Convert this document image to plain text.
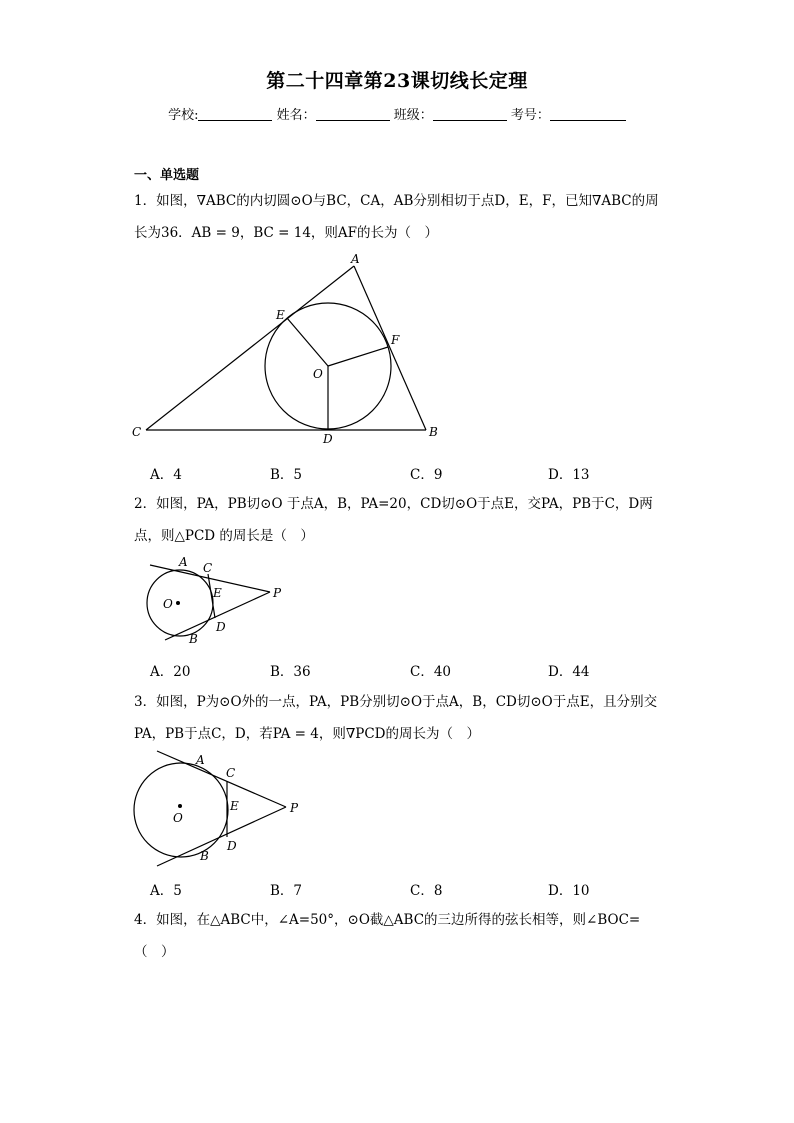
第二十四章第23课切线长定理
学校:	姓名：	班级：	考号：
一、单选题
1．如图，∇ABC的内切圆⊙O与BC，CA，AB分别相切于点D，E，F，已知∇ABC的周长为36．AB = 9，BC = 14，则AF的长为（　）
A
B
C	D
E
F
O
A．4	B．5	C．9	D．13
2．如图，PA，PB切⊙O 于点A，B，PA=20，CD切⊙O于点E，交PA，PB于C，D两点，则△PCD 的周长是（　）
A C
O
E	P
D
B
A．20	B．36	C．40	D．44
3．如图，P为⊙O外的一点，PA，PB分别切⊙O于点A，B，CD切⊙O于点E，且分别交PA，PB于点C，D，若PA = 4，则∇PCD的周长为（　）
A
C
O
E	P
D
B
A．5	B．7	C．8	D．10
4．如图，在△ABC中，∠A=50°，⊙O截△ABC的三边所得的弦长相等，则∠BOC=（　）
